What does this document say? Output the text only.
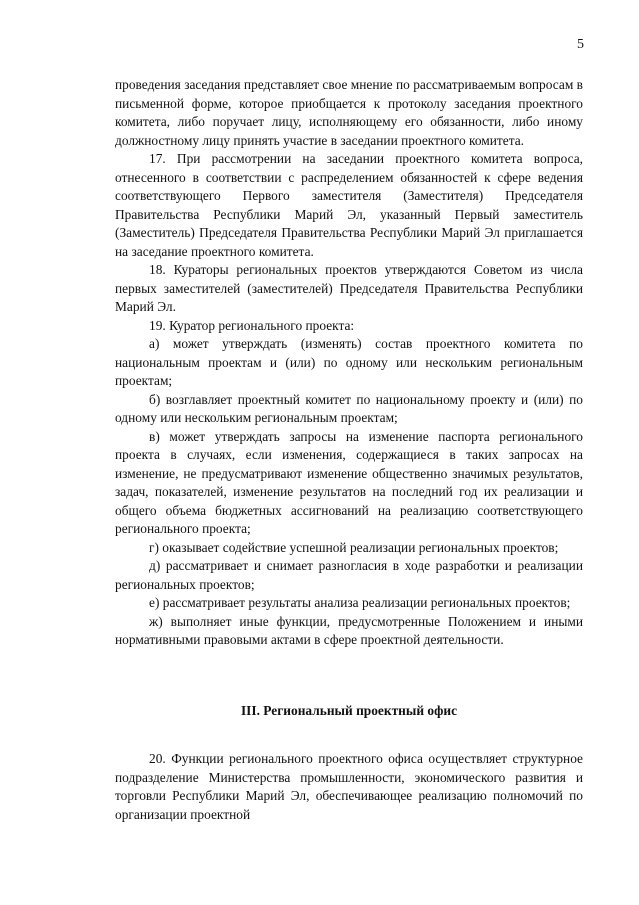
5

проведения заседания представляет свое мнение по рассматриваемым вопросам в письменной форме, которое приобщается к протоколу заседания проектного комитета, либо поручает лицу, исполняющему его обязанности, либо иному должностному лицу принять участие в заседании проектного комитета.

17. При рассмотрении на заседании проектного комитета вопроса, отнесенного в соответствии с распределением обязанностей к сфере ведения соответствующего Первого заместителя (Заместителя) Председателя Правительства Республики Марий Эл, указанный Первый заместитель (Заместитель) Председателя Правительства Республики Марий Эл приглашается на заседание проектного комитета.

18. Кураторы региональных проектов утверждаются Советом из числа первых заместителей (заместителей) Председателя Правительства Республики Марий Эл.

19. Куратор регионального проекта:

а) может утверждать (изменять) состав проектного комитета по национальным проектам и (или) по одному или нескольким региональным проектам;

б) возглавляет проектный комитет по национальному проекту и (или) по одному или нескольким региональным проектам;

в) может утверждать запросы на изменение паспорта регионального проекта в случаях, если изменения, содержащиеся в таких запросах на изменение, не предусматривают изменение общественно значимых результатов, задач, показателей, изменение результатов на последний год их реализации и общего объема бюджетных ассигнований на реализацию соответствующего регионального проекта;

г) оказывает содействие успешной реализации региональных проектов;

д) рассматривает и снимает разногласия в ходе разработки и реализации региональных проектов;

е) рассматривает результаты анализа реализации региональных проектов;

ж) выполняет иные функции, предусмотренные Положением и иными нормативными правовыми актами в сфере проектной деятельности.

III. Региональный проектный офис

20. Функции регионального проектного офиса осуществляет структурное подразделение Министерства промышленности, экономического развития и торговли Республики Марий Эл, обеспечивающее реализацию полномочий по организации проектной
